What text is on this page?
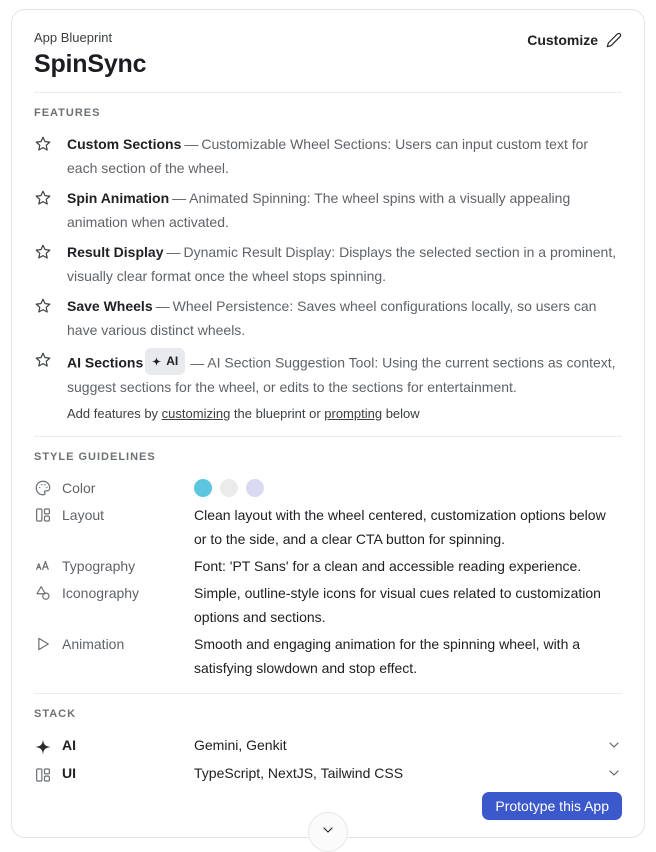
App Blueprint
SpinSync
Customize
FEATURES

Custom Sections — Customizable Wheel Sections: Users can input custom text for each section of the wheel.

Spin Animation — Animated Spinning: The wheel spins with a visually appealing animation when activated.

Result Display — Dynamic Result Display: Displays the selected section in a prominent, visually clear format once the wheel stops spinning.

Save Wheels — Wheel Persistence: Saves wheel configurations locally, so users can have various distinct wheels.

AI Sections AI — AI Section Suggestion Tool: Using the current sections as context, suggest sections for the wheel, or edits to the sections for entertainment.

Add features by customizing the blueprint or prompting below

STYLE GUIDELINES
Color
Layout	Clean layout with the wheel centered, customization options below or to the side, and a clear CTA button for spinning.
Typography	Font: 'PT Sans' for a clean and accessible reading experience.
Iconography	Simple, outline-style icons for visual cues related to customization options and sections.
Animation	Smooth and engaging animation for the spinning wheel, with a satisfying slowdown and stop effect.
STACK
AI	Gemini, Genkit
UI	TypeScript, NextJS, Tailwind CSS
Prototype this App
